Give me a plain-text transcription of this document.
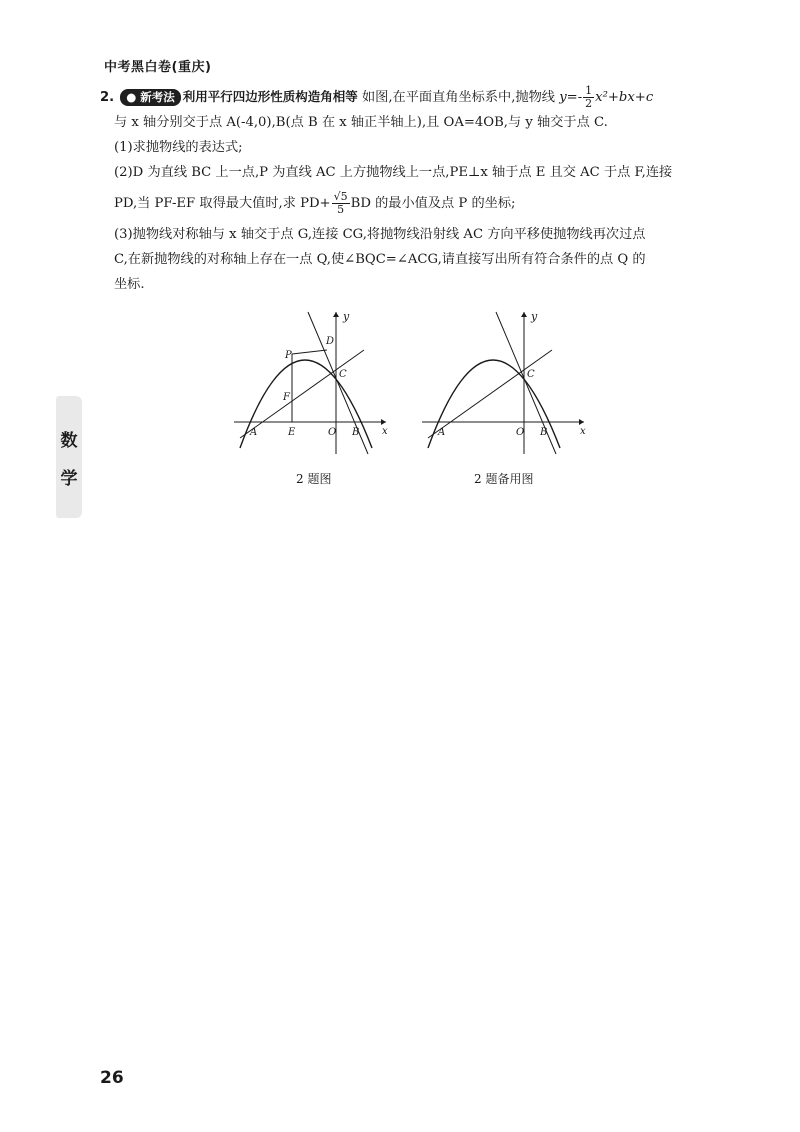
中考黑白卷(重庆)
数
学
2. ● 新考法 利用平行四边形性质构造角相等 如图,在平面直角坐标系中,抛物线 $y=- \frac{1}{2} x^2+bx+c$
与 x 轴分别交于点 A(-4,0),B(点 B 在 x 轴正半轴上),且 OA=4OB,与 y 轴交于点 C.
(1)求抛物线的表达式;
(2)D 为直线 BC 上一点,P 为直线 AC 上方抛物线上一点,PE⊥x 轴于点 E 且交 AC 于点 F,连接
PD,当 PF-EF 取得最大值时,求 $PD+ \frac{√5}{5}$ BD 的最小值及点 P 的坐标;
(3)抛物线对称轴与 x 轴交于点 G,连接 CG,将抛物线沿射线 AC 方向平移使抛物线再次过点
C,在新抛物线的对称轴上存在一点 Q,使∠BQC=∠ACG,请直接写出所有符合条件的点 Q 的
坐标.
y
x
A	E	O B
C
D
P
F
2 题图
y
x
A	O B
C
2 题备用图
26
